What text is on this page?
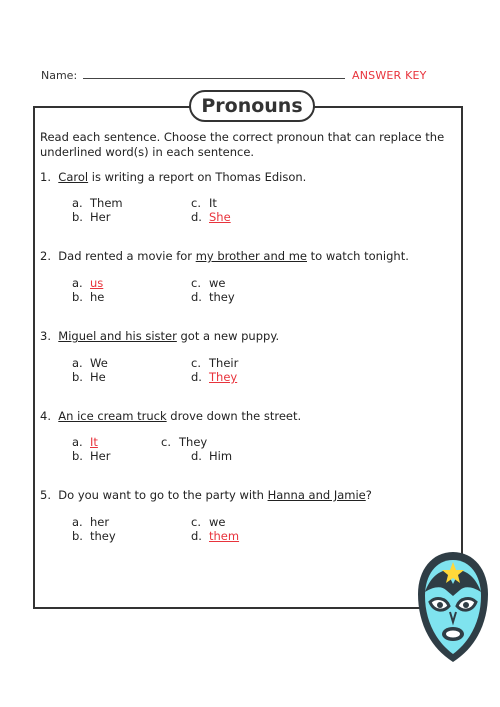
Name:	ANSWER KEY
Pronouns

Read each sentence. Choose the correct pronoun that can replace the underlined word(s) in each sentence.

1. Carol is writing a report on Thomas Edison.
a. Them
b. Her
c. It
d. She
2. Dad rented a movie for my brother and me to watch tonight.
a. us
b. he
c. we
d. they
3. Miguel and his sister got a new puppy.
a. We
b. He
c. Their
d. They
4. An ice cream truck drove down the street.
a. It
b. Her
c. They
d. Him
5. Do you want to go to the party with Hanna and Jamie?
a. her
b. they
c. we
d. them
